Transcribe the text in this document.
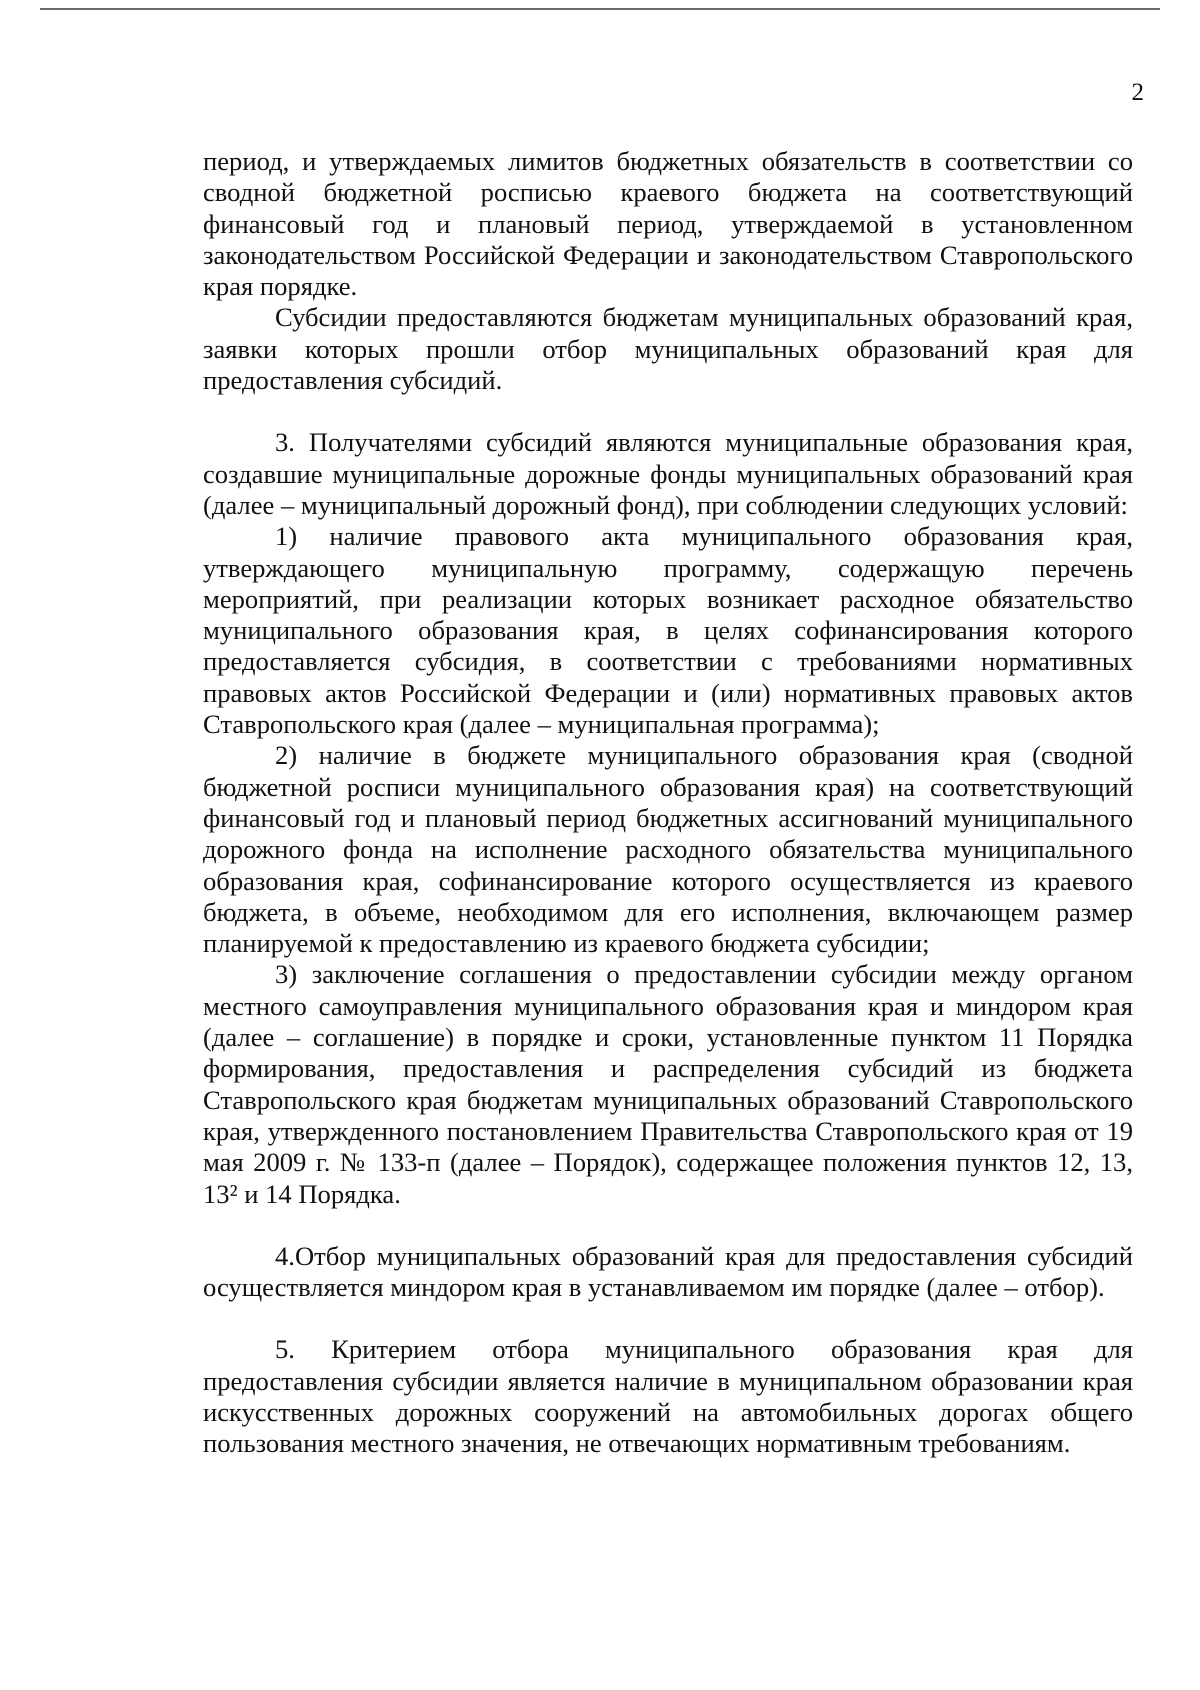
2

период, и утверждаемых лимитов бюджетных обязательств в соответствии со сводной бюджетной росписью краевого бюджета на соответствующий финансовый год и плановый период, утверждаемой в установленном законодательством Российской Федерации и законодательством Ставропольского края порядке.

Субсидии предоставляются бюджетам муниципальных образований края, заявки которых прошли отбор муниципальных образований края для предоставления субсидий.

3. Получателями субсидий являются муниципальные образования края, создавшие муниципальные дорожные фонды муниципальных образований края (далее – муниципальный дорожный фонд), при соблюдении следующих условий:

1) наличие правового акта муниципального образования края, утверждающего муниципальную программу, содержащую перечень мероприятий, при реализации которых возникает расходное обязательство муниципального образования края, в целях софинансирования которого предоставляется субсидия, в соответствии с требованиями нормативных правовых актов Российской Федерации и (или) нормативных правовых актов Ставропольского края (далее – муниципальная программа);

2) наличие в бюджете муниципального образования края (сводной бюджетной росписи муниципального образования края) на соответствующий финансовый год и плановый период бюджетных ассигнований муниципального дорожного фонда на исполнение расходного обязательства муниципального образования края, софинансирование которого осуществляется из краевого бюджета, в объеме, необходимом для его исполнения, включающем размер планируемой к предоставлению из краевого бюджета субсидии;

3) заключение соглашения о предоставлении субсидии между органом местного самоуправления муниципального образования края и миндором края (далее – соглашение) в порядке и сроки, установленные пунктом 11 Порядка формирования, предоставления и распределения субсидий из бюджета Ставропольского края бюджетам муниципальных образований Ставропольского края, утвержденного постановлением Правительства Ставропольского края от 19 мая 2009 г. № 133-п (далее – Порядок), содержащее положения пунктов 12, 13, 13² и 14 Порядка.

4.Отбор муниципальных образований края для предоставления субсидий осуществляется миндором края в устанавливаемом им порядке (далее – отбор).

5. Критерием отбора муниципального образования края для предоставления субсидии является наличие в муниципальном образовании края искусственных дорожных сооружений на автомобильных дорогах общего пользования местного значения, не отвечающих нормативным требованиям.
